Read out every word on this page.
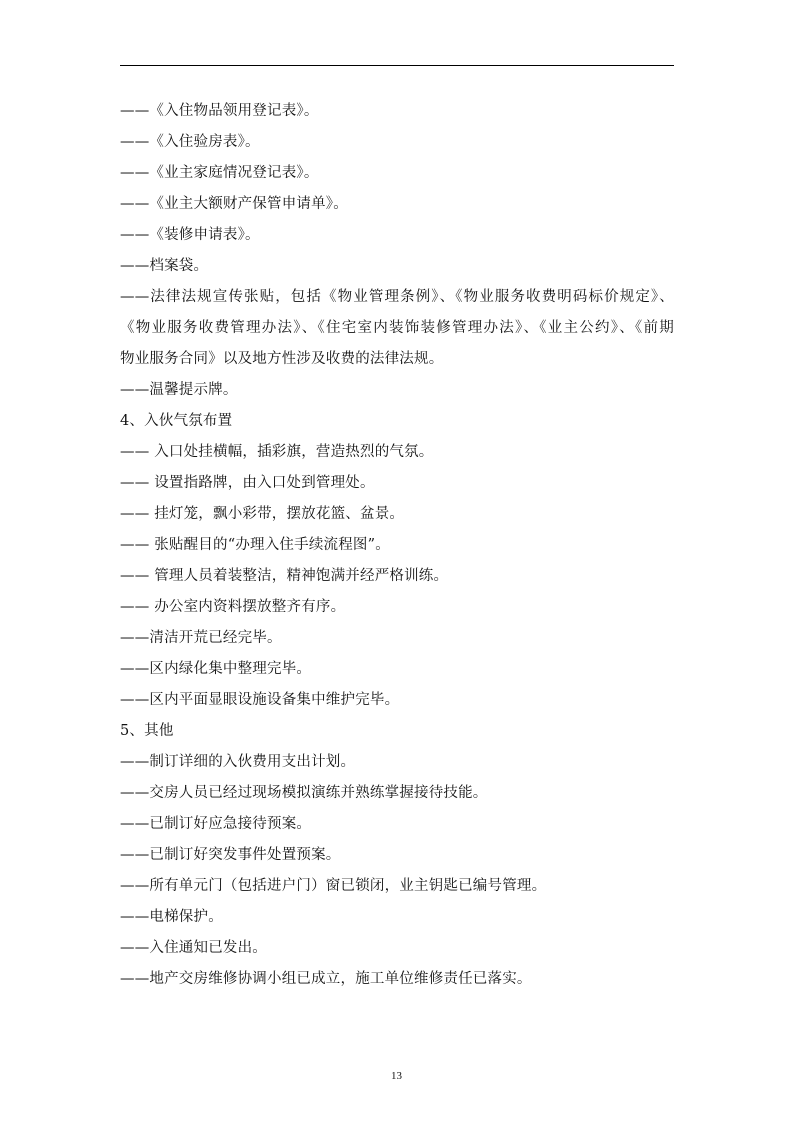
——《入住物品领用登记表》。
——《入住验房表》。
——《业主家庭情况登记表》。
——《业主大额财产保管申请单》。
——《装修申请表》。
——档案袋。
——法律法规宣传张贴，包括《物业管理条例》、《物业服务收费明码标价规定》、
《物业服务收费管理办法》、《住宅室内装饰装修管理办法》、《业主公约》、《前期
物业服务合同》以及地方性涉及收费的法律法规。
——温馨提示牌。
4、入伙气氛布置
—— 入口处挂横幅，插彩旗，营造热烈的气氛。
—— 设置指路牌，由入口处到管理处。
—— 挂灯笼，飘小彩带，摆放花篮、盆景。
—— 张贴醒目的“办理入住手续流程图”。
—— 管理人员着装整洁，精神饱满并经严格训练。
—— 办公室内资料摆放整齐有序。
——清洁开荒已经完毕。
——区内绿化集中整理完毕。
——区内平面显眼设施设备集中维护完毕。
5、其他
——制订详细的入伙费用支出计划。
——交房人员已经过现场模拟演练并熟练掌握接待技能。
——已制订好应急接待预案。
——已制订好突发事件处置预案。
——所有单元门（包括进户门）窗已锁闭，业主钥匙已编号管理。
——电梯保护。
——入住通知已发出。
——地产交房维修协调小组已成立，施工单位维修责任已落实。
13
